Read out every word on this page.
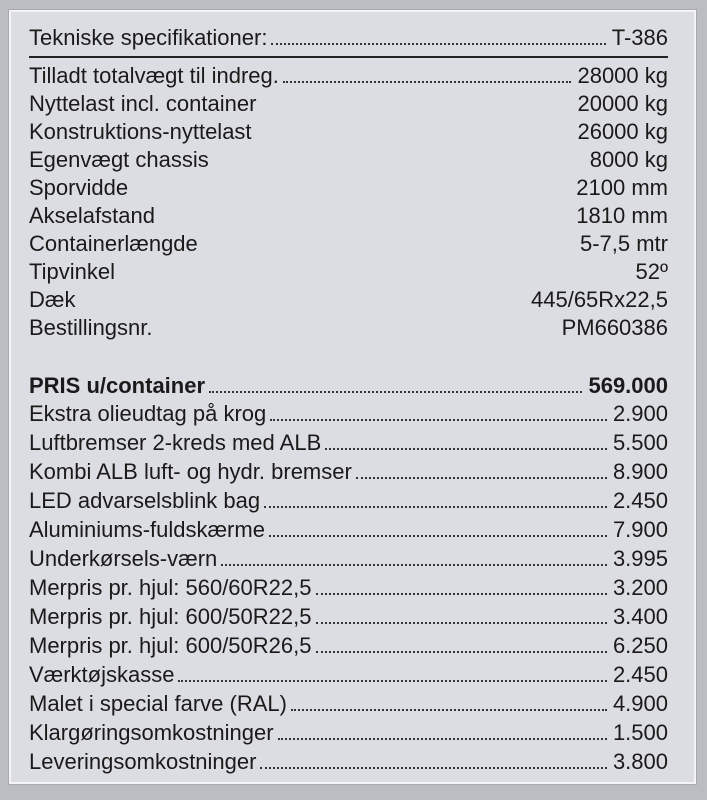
Tekniske specifikationer:	T-386
Tilladt totalvægt til indreg.	28000 kg
Nyttelast incl. container	20000 kg
Konstruktions-nyttelast	26000 kg
Egenvægt chassis	8000 kg
Sporvidde	2100 mm
Akselafstand	1810 mm
Containerlængde	5-7,5 mtr
Tipvinkel	52º
Dæk	445/65Rx22,5
Bestillingsnr.	PM660386
PRIS u/container	569.000
Ekstra olieudtag på krog	2.900
Luftbremser 2-kreds med ALB	5.500
Kombi ALB luft- og hydr. bremser	8.900
LED advarselsblink bag	2.450
Aluminiums-fuldskærme	7.900
Underkørsels-værn	3.995
Merpris pr. hjul: 560/60R22,5	3.200
Merpris pr. hjul: 600/50R22,5	3.400
Merpris pr. hjul: 600/50R26,5	6.250
Værktøjskasse	2.450
Malet i special farve (RAL)	4.900
Klargøringsomkostninger	1.500
Leveringsomkostninger	3.800
